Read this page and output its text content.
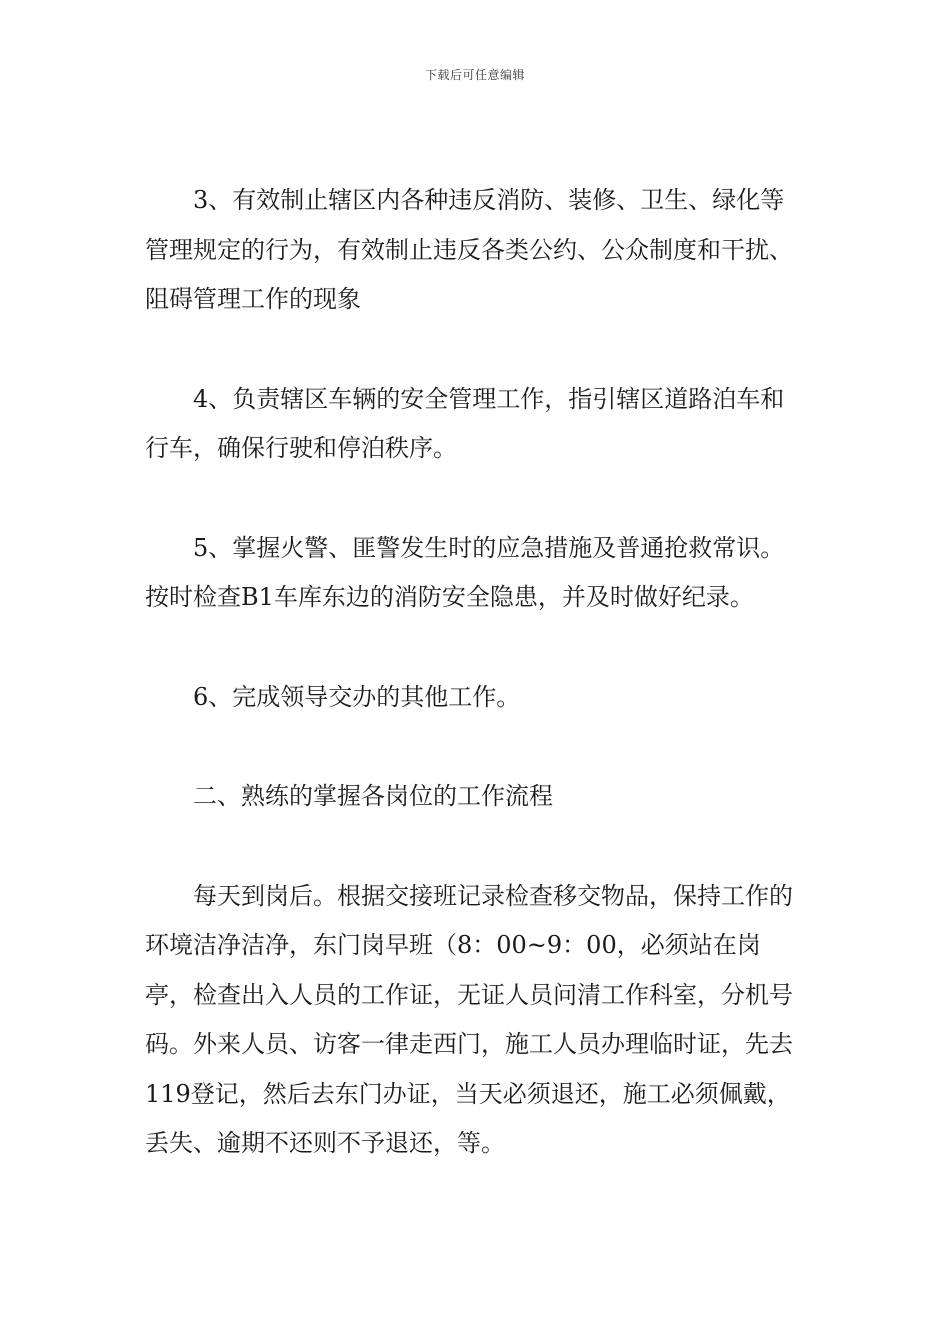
下载后可任意编辑

3、有效制止辖区内各种违反消防、装修、卫生、绿化等管理规定的行为，有效制止违反各类公约、公众制度和干扰、阻碍管理工作的现象

4、负责辖区车辆的安全管理工作，指引辖区道路泊车和行车，确保行驶和停泊秩序。

5、掌握火警、匪警发生时的应急措施及普通抢救常识。按时检查B1车库东边的消防安全隐患，并及时做好纪录。

6、完成领导交办的其他工作。

二、熟练的掌握各岗位的工作流程

每天到岗后。根据交接班记录检查移交物品，保持工作的环境洁净洁净，东门岗早班（8：00~9：00，必须站在岗亭，检查出入人员的工作证，无证人员问清工作科室，分机号码。外来人员、访客一律走西门，施工人员办理临时证，先去119登记，然后去东门办证，当天必须退还，施工必须佩戴，丢失、逾期不还则不予退还，等。
